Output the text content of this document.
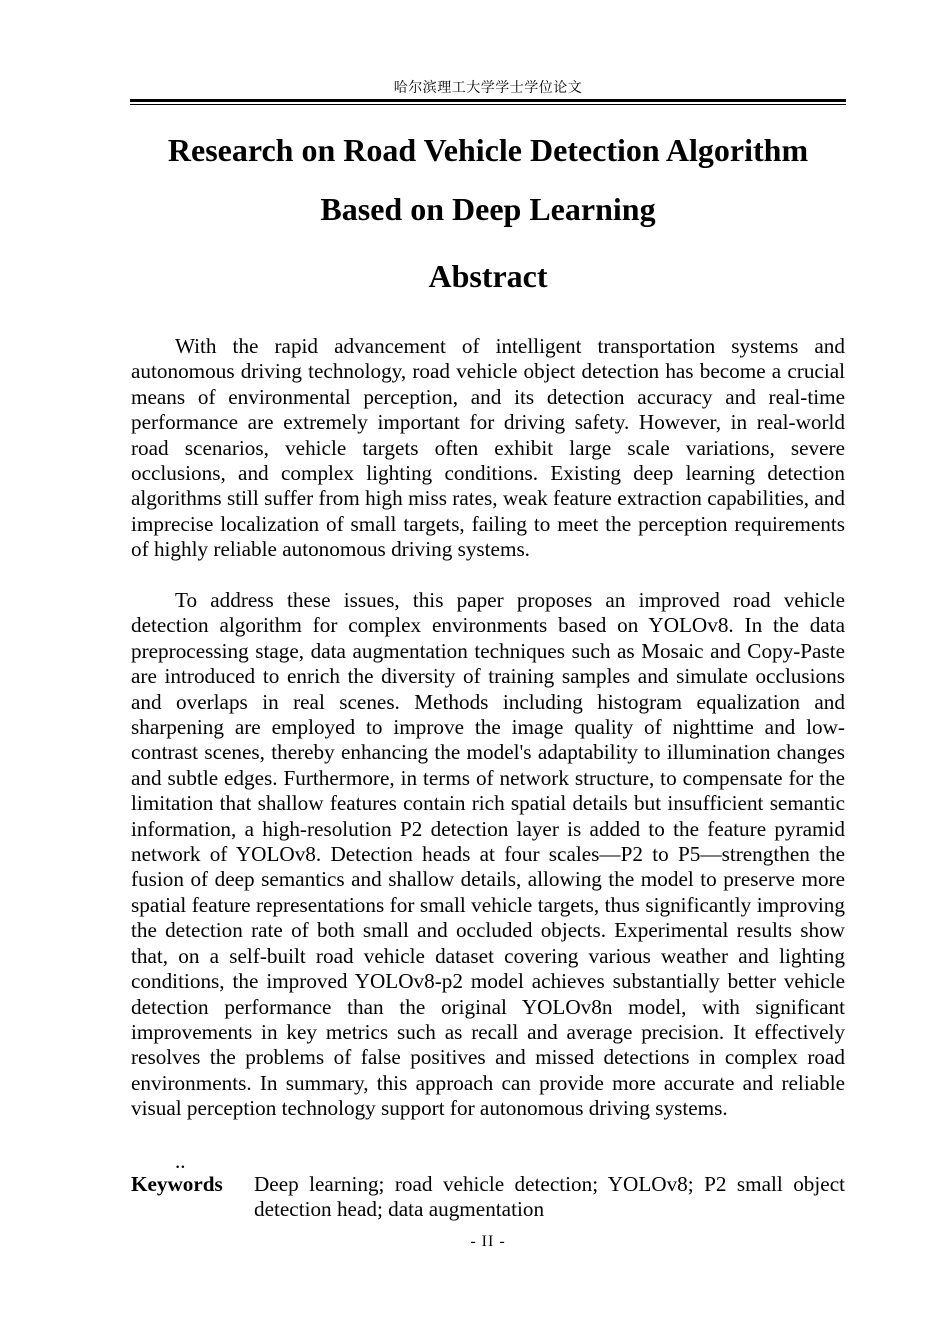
哈尔滨理工大学学士学位论文
Research on Road Vehicle Detection Algorithm
Based on Deep Learning
Abstract

With the rapid advancement of intelligent transportation systems and autonomous driving technology, road vehicle object detection has become a crucial means of environmental perception, and its detection accuracy and real-time performance are extremely important for driving safety. However, in real-world road scenarios, vehicle targets often exhibit large scale variations, severe occlusions, and complex lighting conditions. Existing deep learning detection algorithms still suffer from high miss rates, weak feature extraction capabilities, and imprecise localization of small targets, failing to meet the perception requirements of highly reliable autonomous driving systems.

To address these issues, this paper proposes an improved road vehicle detection algorithm for complex environments based on YOLOv8. In the data preprocessing stage, data augmentation techniques such as Mosaic and Copy-Paste are introduced to enrich the diversity of training samples and simulate occlusions and overlaps in real scenes. Methods including histogram equalization and sharpening are employed to improve the image quality of nighttime and low-contrast scenes, thereby enhancing the model's adaptability to illumination changes and subtle edges. Furthermore, in terms of network structure, to compensate for the limitation that shallow features contain rich spatial details but insufficient semantic information, a high-resolution P2 detection layer is added to the feature pyramid network of YOLOv8. Detection heads at four scales—P2 to P5—strengthen the fusion of deep semantics and shallow details, allowing the model to preserve more spatial feature representations for small vehicle targets, thus significantly improving the detection rate of both small and occluded objects. Experimental results show that, on a self-built road vehicle dataset covering various weather and lighting conditions, the improved YOLOv8-p2 model achieves substantially better vehicle detection performance than the original YOLOv8n model, with significant improvements in key metrics such as recall and average precision. It effectively resolves the problems of false positives and missed detections in complex road environments. In summary, this approach can provide more accurate and reliable visual perception technology support for autonomous driving systems.

..
Keywords Deep learning; road vehicle detection; YOLOv8; P2 small object detection head; data augmentation

- II -
